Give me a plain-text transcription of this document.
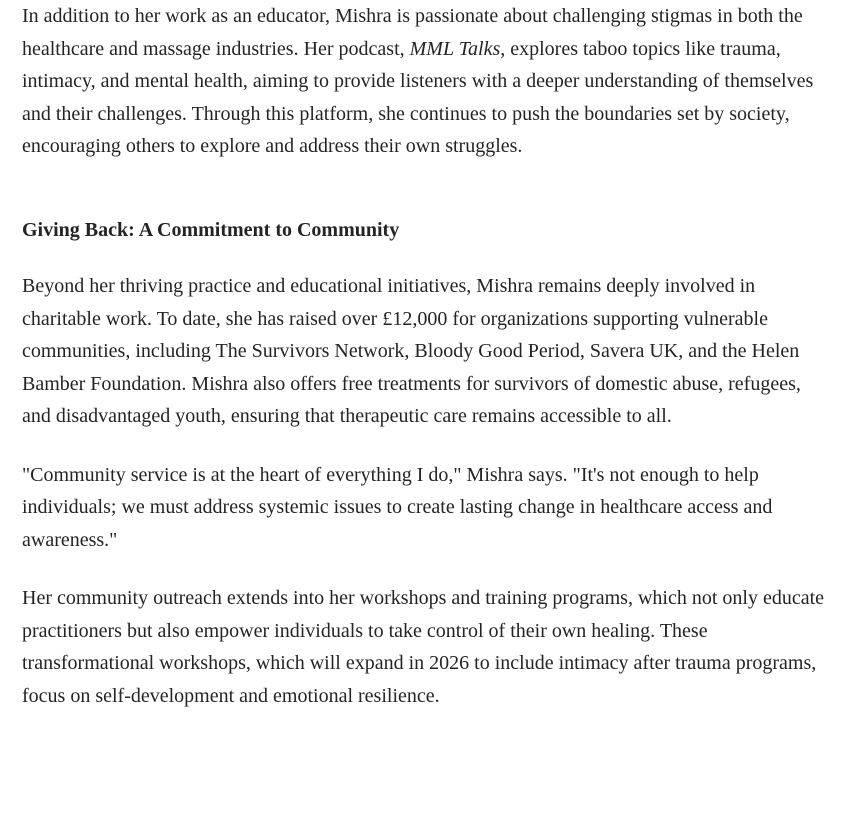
In addition to her work as an educator, Mishra is passionate about challenging stigmas in both the healthcare and massage industries. Her podcast, MML Talks, explores taboo topics like trauma, intimacy, and mental health, aiming to provide listeners with a deeper understanding of themselves and their challenges. Through this platform, she continues to push the boundaries set by society, encouraging others to explore and address their own struggles.

Giving Back: A Commitment to Community

Beyond her thriving practice and educational initiatives, Mishra remains deeply involved in charitable work. To date, she has raised over £12,000 for organizations supporting vulnerable communities, including The Survivors Network, Bloody Good Period, Savera UK, and the Helen Bamber Foundation. Mishra also offers free treatments for survivors of domestic abuse, refugees, and disadvantaged youth, ensuring that therapeutic care remains accessible to all.

"Community service is at the heart of everything I do," Mishra says. "It's not enough to help individuals; we must address systemic issues to create lasting change in healthcare access and awareness."

Her community outreach extends into her workshops and training programs, which not only educate practitioners but also empower individuals to take control of their own healing. These transformational workshops, which will expand in 2026 to include intimacy after trauma programs, focus on self-development and emotional resilience.
